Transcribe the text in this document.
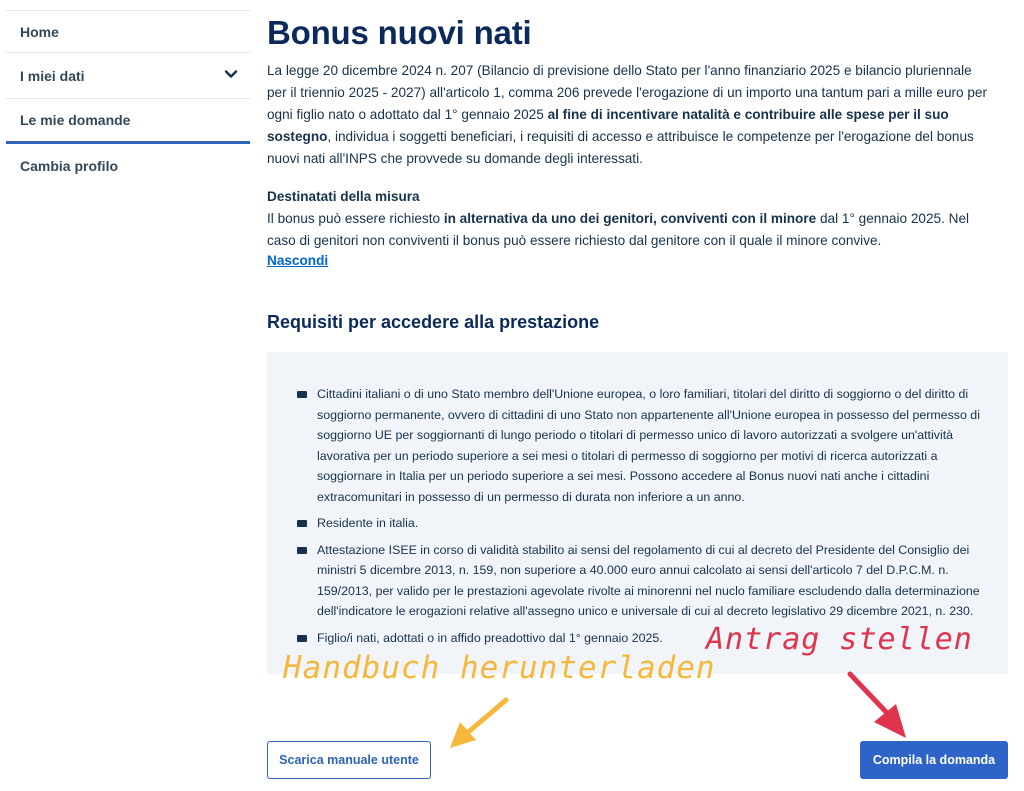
Home
I miei dati
Le mie domande
Cambia profilo
Bonus nuovi nati

La legge 20 dicembre 2024 n. 207 (Bilancio di previsione dello Stato per l'anno finanziario 2025 e bilancio pluriennale per il triennio 2025 - 2027) all'articolo 1, comma 206 prevede l'erogazione di un importo una tantum pari a mille euro per ogni figlio nato o adottato dal 1° gennaio 2025 al fine di incentivare natalità e contribuire alle spese per il suo sostegno, individua i soggetti beneficiari, i requisiti di accesso e attribuisce le competenze per l'erogazione del bonus nuovi nati all'INPS che provvede su domande degli interessati.

Destinatati della misura

Il bonus può essere richiesto in alternativa da uno dei genitori, conviventi con il minore dal 1° gennaio 2025. Nel caso di genitori non conviventi il bonus può essere richiesto dal genitore con il quale il minore convive.

Nascondi
Requisiti per accedere alla prestazione
Cittadini italiani o di uno Stato membro dell'Unione europea, o loro familiari, titolari del diritto di soggiorno o del diritto di soggiorno permanente, ovvero di cittadini di uno Stato non appartenente all'Unione europea in possesso del permesso di soggiorno UE per soggiornanti di lungo periodo o titolari di permesso unico di lavoro autorizzati a svolgere un'attività lavorativa per un periodo superiore a sei mesi o titolari di permesso di soggiorno per motivi di ricerca autorizzati a soggiornare in Italia per un periodo superiore a sei mesi. Possono accedere al Bonus nuovi nati anche i cittadini extracomunitari in possesso di un permesso di durata non inferiore a un anno.
Residente in italia.
Attestazione ISEE in corso di validità stabilito ai sensi del regolamento di cui al decreto del Presidente del Consiglio dei ministri 5 dicembre 2013, n. 159, non superiore a 40.000 euro annui calcolato ai sensi dell'articolo 7 del D.P.C.M. n. 159/2013, per valido per le prestazioni agevolate rivolte ai minorenni nel nuclo familiare escludendo dalla determinazione dell'indicatore le erogazioni relative all'assegno unico e universale di cui al decreto legislativo 29 dicembre 2021, n. 230.
Figlio/i nati, adottati o in affido preadottivo dal 1° gennaio 2025.
Handbuch herunterladen
Antrag stellen
Scarica manuale utente	Compila la domanda
